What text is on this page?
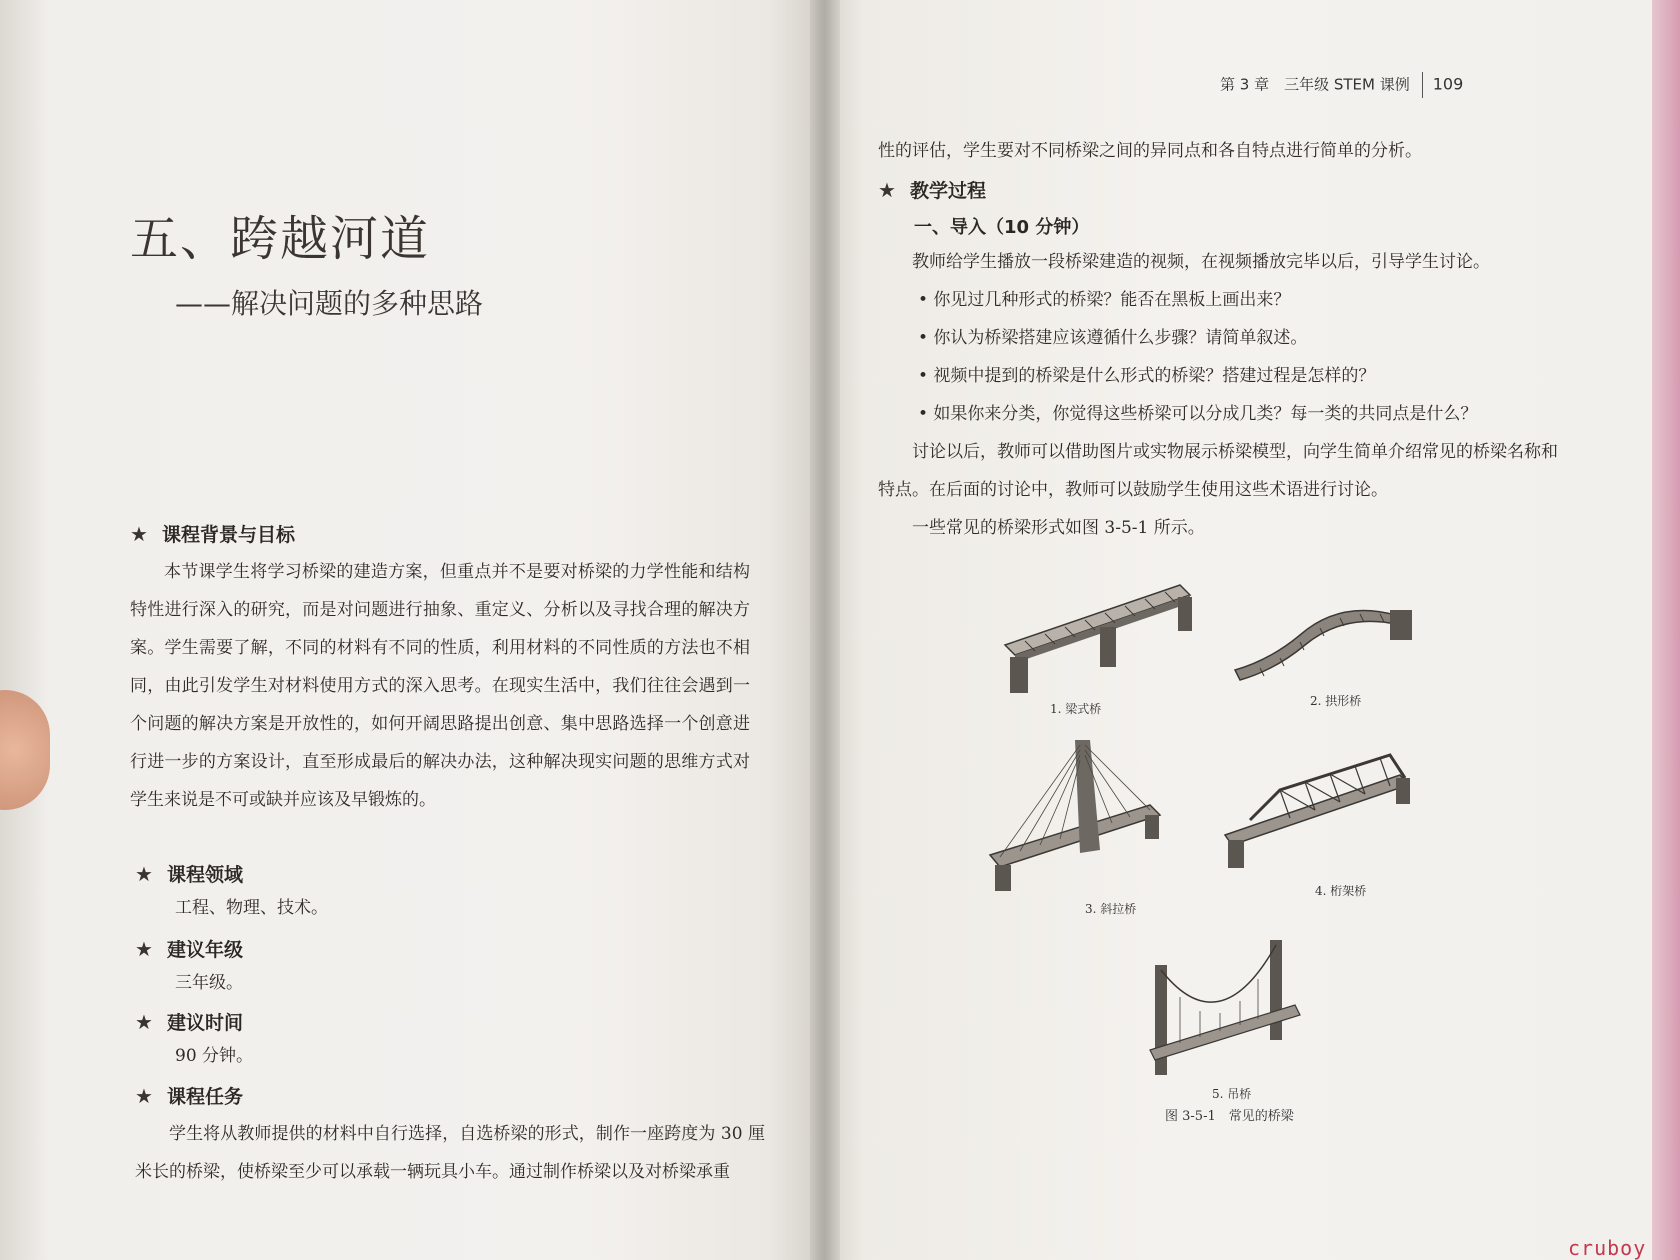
五、跨越河道
——解决问题的多种思路
★ 课程背景与目标
本节课学生将学习桥梁的建造方案，但重点并不是要对桥梁的力学性能和结构特性进行深入的研究，而是对问题进行抽象、重定义、分析以及寻找合理的解决方案。学生需要了解，不同的材料有不同的性质，利用材料的不同性质的方法也不相同，由此引发学生对材料使用方式的深入思考。在现实生活中，我们往往会遇到一个问题的解决方案是开放性的，如何开阔思路提出创意、集中思路选择一个创意进行进一步的方案设计，直至形成最后的解决办法，这种解决现实问题的思维方式对学生来说是不可或缺并应该及早锻炼的。
★ 课程领域
工程、物理、技术。
★ 建议年级
三年级。
★ 建议时间
90 分钟。
★ 课程任务
学生将从教师提供的材料中自行选择，自选桥梁的形式，制作一座跨度为 30 厘米长的桥梁，使桥梁至少可以承载一辆玩具小车。通过制作桥梁以及对桥梁承重
第 3 章　三年级 STEM 课例 109
性的评估，学生要对不同桥梁之间的异同点和各自特点进行简单的分析。
★ 教学过程
一、导入（10 分钟）
教师给学生播放一段桥梁建造的视频，在视频播放完毕以后，引导学生讨论。
• 你见过几种形式的桥梁？能否在黑板上画出来？
• 你认为桥梁搭建应该遵循什么步骤？请简单叙述。
• 视频中提到的桥梁是什么形式的桥梁？搭建过程是怎样的？
• 如果你来分类，你觉得这些桥梁可以分成几类？每一类的共同点是什么？
讨论以后，教师可以借助图片或实物展示桥梁模型，向学生简单介绍常见的桥梁名称和特点。在后面的讨论中，教师可以鼓励学生使用这些术语进行讨论。
一些常见的桥梁形式如图 3-5-1 所示。
1. 梁式桥
2. 拱形桥
3. 斜拉桥
4. 桁架桥
5. 吊桥
图 3-5-1　常见的桥梁
cruboy
